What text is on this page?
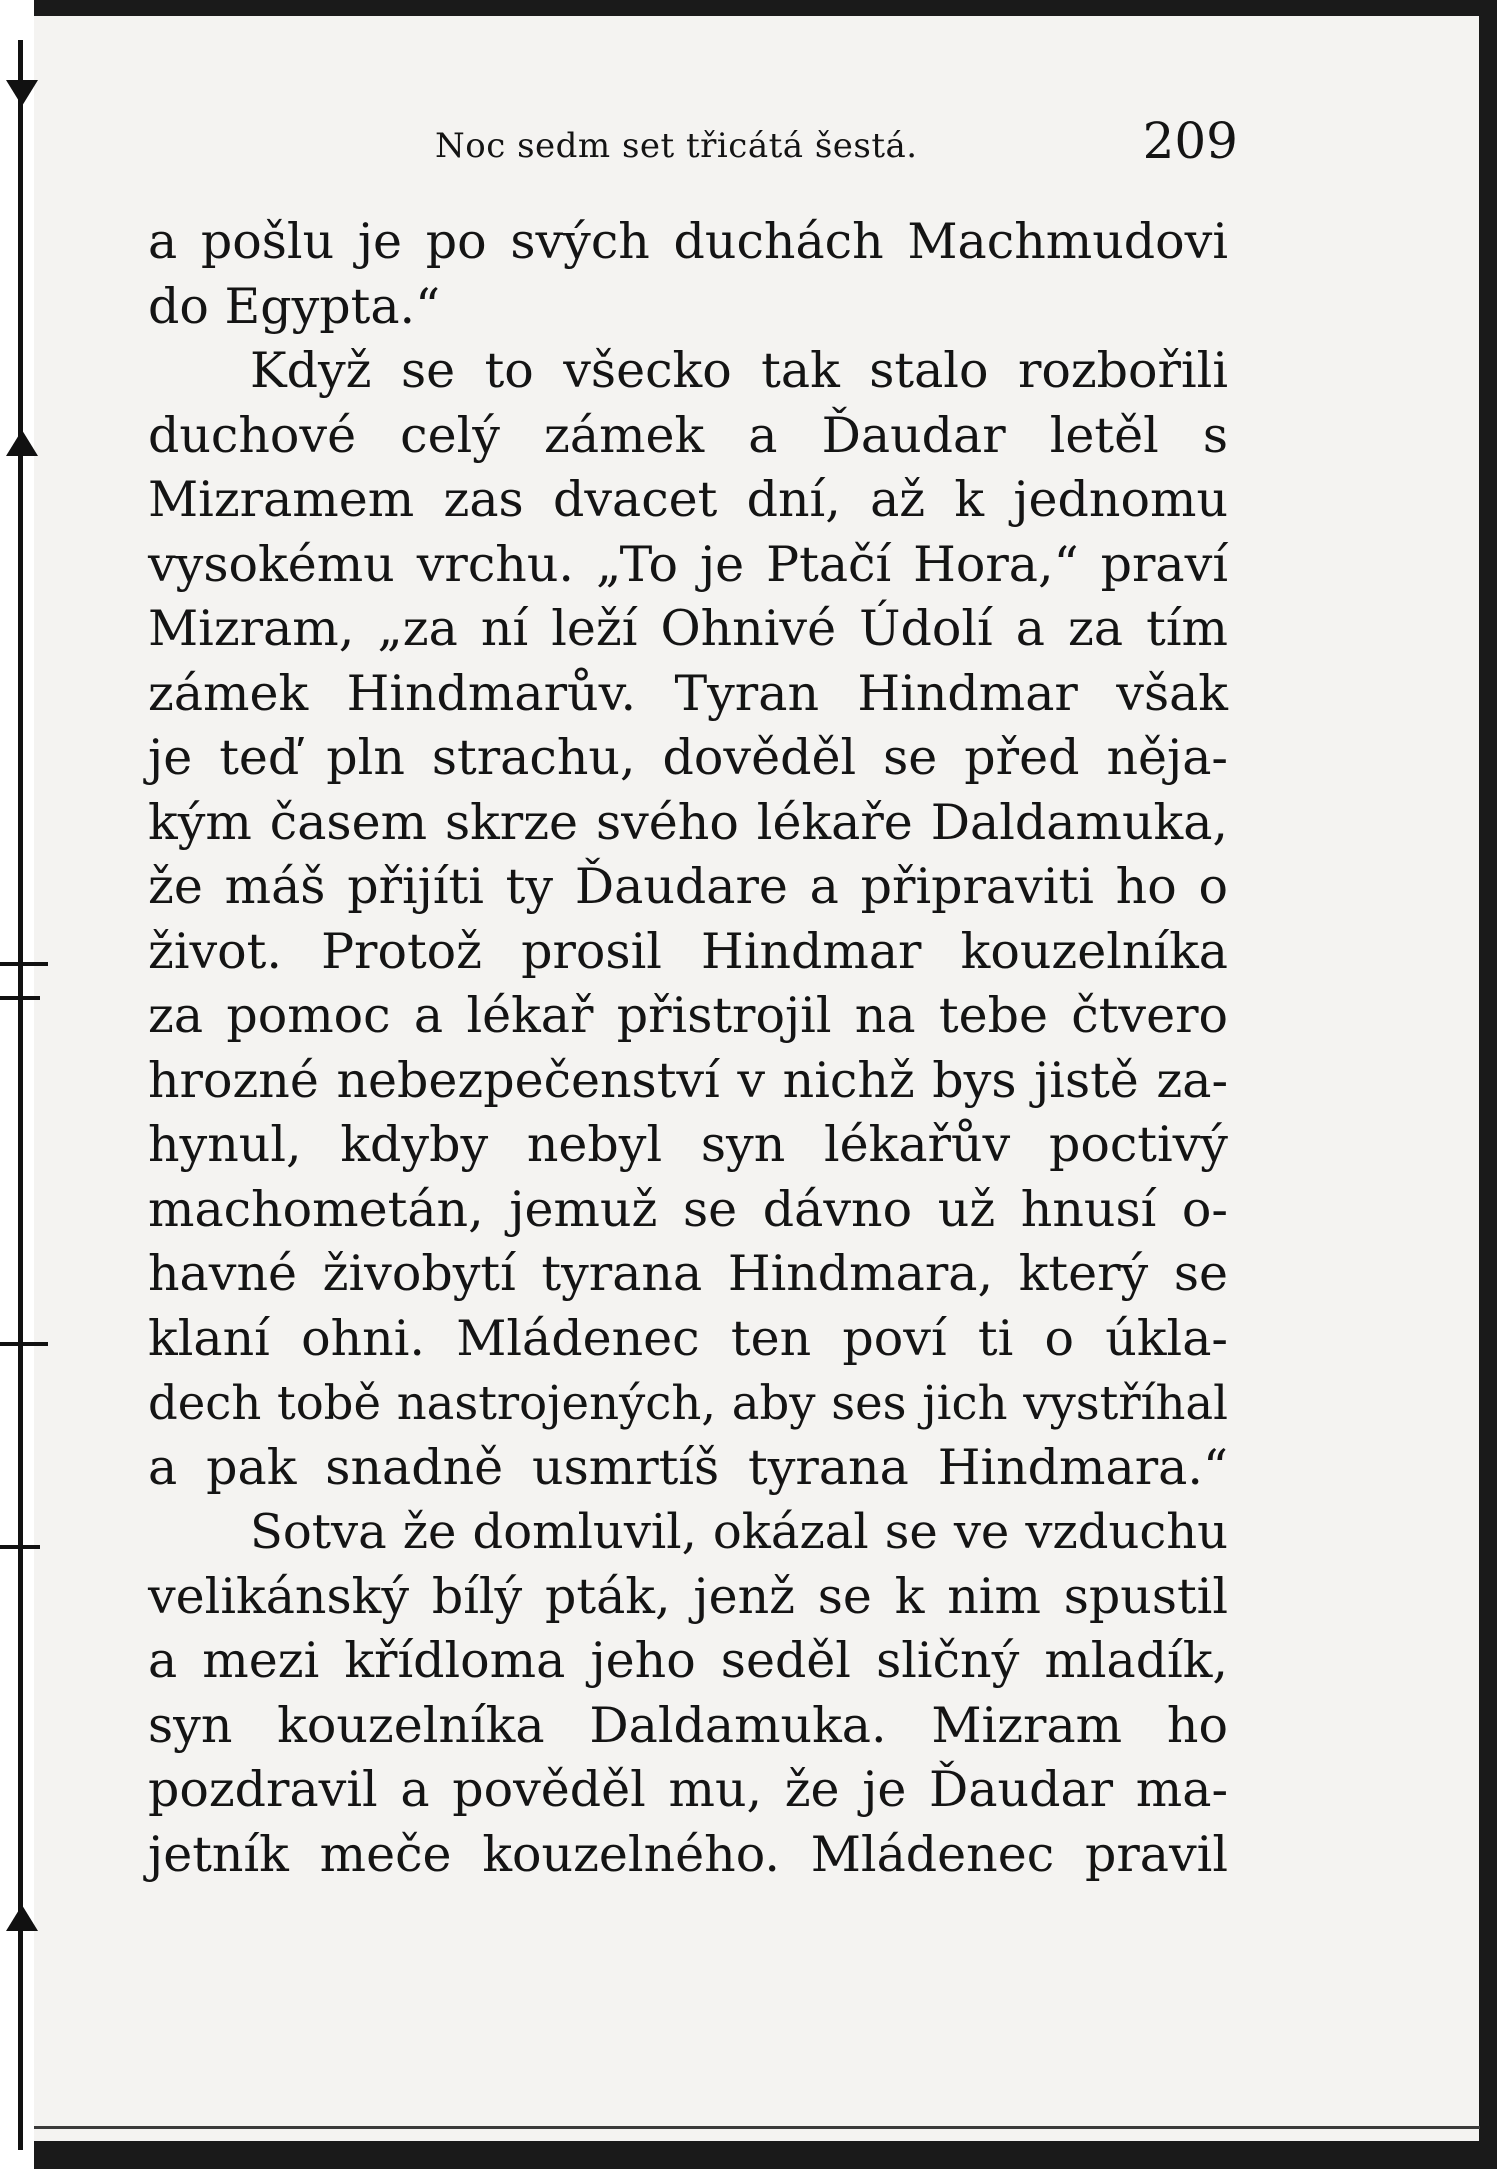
Noc sedm set třicátá šestá.	209
a pošlu je po svých duchách Machmudovi
do Egypta.“
Když se to všecko tak stalo rozbořili
duchové celý zámek a Ďaudar letěl s
Mizramem zas dvacet dní, až k jednomu
vysokému vrchu. „To je Ptačí Hora,“ praví
Mizram, „za ní leží Ohnivé Údolí a za tím
zámek Hindmarův. Tyran Hindmar však
je teď pln strachu, dověděl se před něja-
kým časem skrze svého lékaře Daldamuka,
že máš přijíti ty Ďaudare a připraviti ho o
život. Protož prosil Hindmar kouzelníka
za pomoc a lékař přistrojil na tebe čtvero
hrozné nebezpečenství v nichž bys jistě za-
hynul, kdyby nebyl syn lékařův poctivý
machometán, jemuž se dávno už hnusí o-
havné živobytí tyrana Hindmara, který se
klaní ohni. Mládenec ten poví ti o úkla-
dech tobě nastrojených, aby ses jich vystříhal
a pak snadně usmrtíš tyrana Hindmara.“
Sotva že domluvil, okázal se ve vzduchu
velikánský bílý pták, jenž se k nim spustil
a mezi křídloma jeho seděl sličný mladík,
syn kouzelníka Daldamuka. Mizram ho
pozdravil a pověděl mu, že je Ďaudar ma-
jetník meče kouzelného. Mládenec pravil
